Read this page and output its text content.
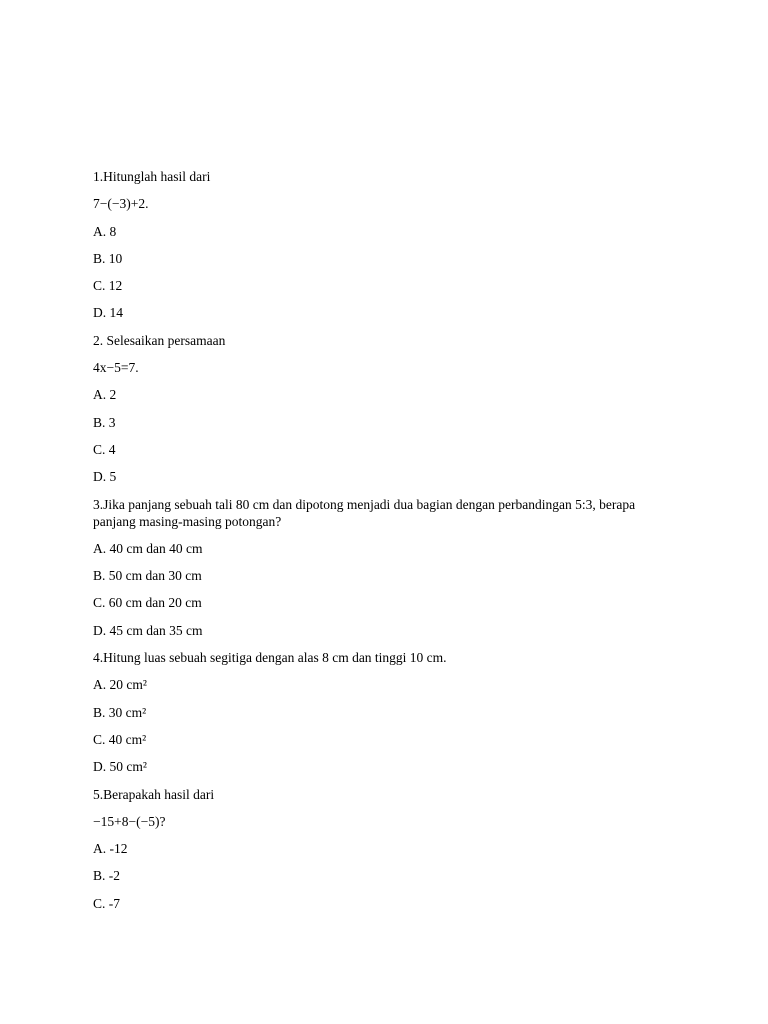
1.Hitunglah hasil dari

7−(−3)+2.

A. 8

B. 10

C. 12

D. 14

2. Selesaikan persamaan

4x−5=7.

A. 2

B. 3

C. 4

D. 5

3.Jika panjang sebuah tali 80 cm dan dipotong menjadi dua bagian dengan perbandingan 5:3, berapa panjang masing-masing potongan?

A. 40 cm dan 40 cm

B. 50 cm dan 30 cm

C. 60 cm dan 20 cm

D. 45 cm dan 35 cm

4.Hitung luas sebuah segitiga dengan alas 8 cm dan tinggi 10 cm.

A. 20 cm²

B. 30 cm²

C. 40 cm²

D. 50 cm²

5.Berapakah hasil dari

−15+8−(−5)?

A. -12

B. -2

C. -7
